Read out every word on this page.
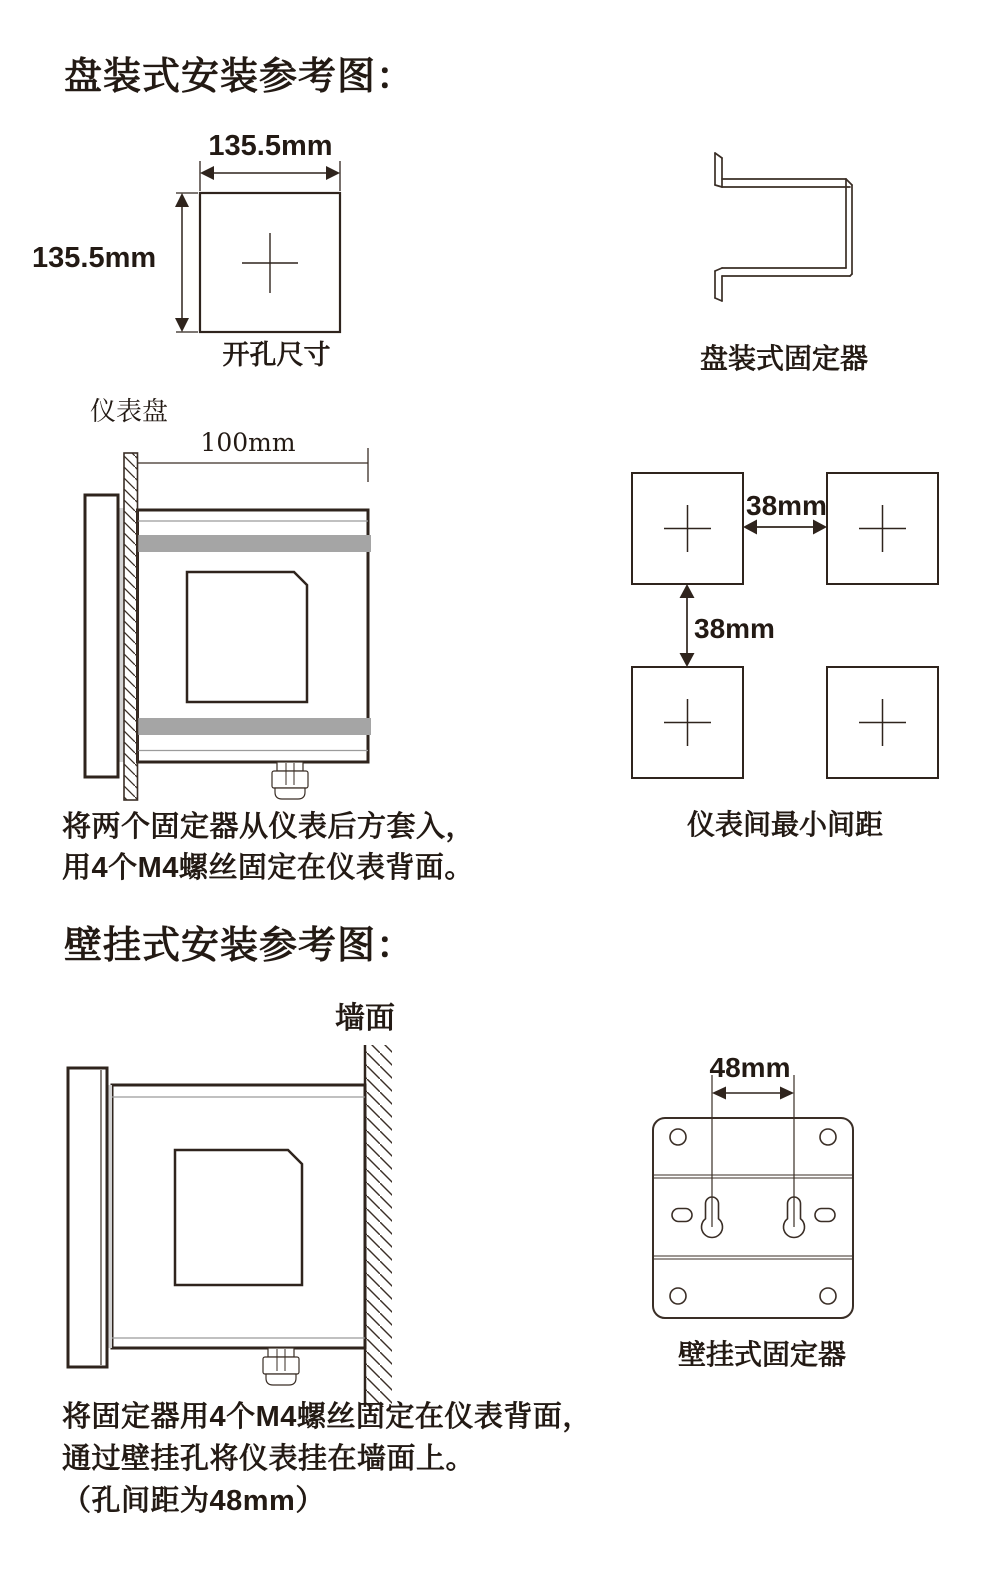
盘装式安装参考图：
135.5mm
135.5mm
开孔尺寸	盘装式固定器
仪表盘
100mm
38mm
38mm
仪表间最小间距
将两个固定器从仪表后方套入，
用4个M4螺丝固定在仪表背面。
壁挂式安装参考图：
墙面
48mm
壁挂式固定器
将固定器用4个M4螺丝固定在仪表背面，
通过壁挂孔将仪表挂在墙面上。
（孔间距为48mm）
